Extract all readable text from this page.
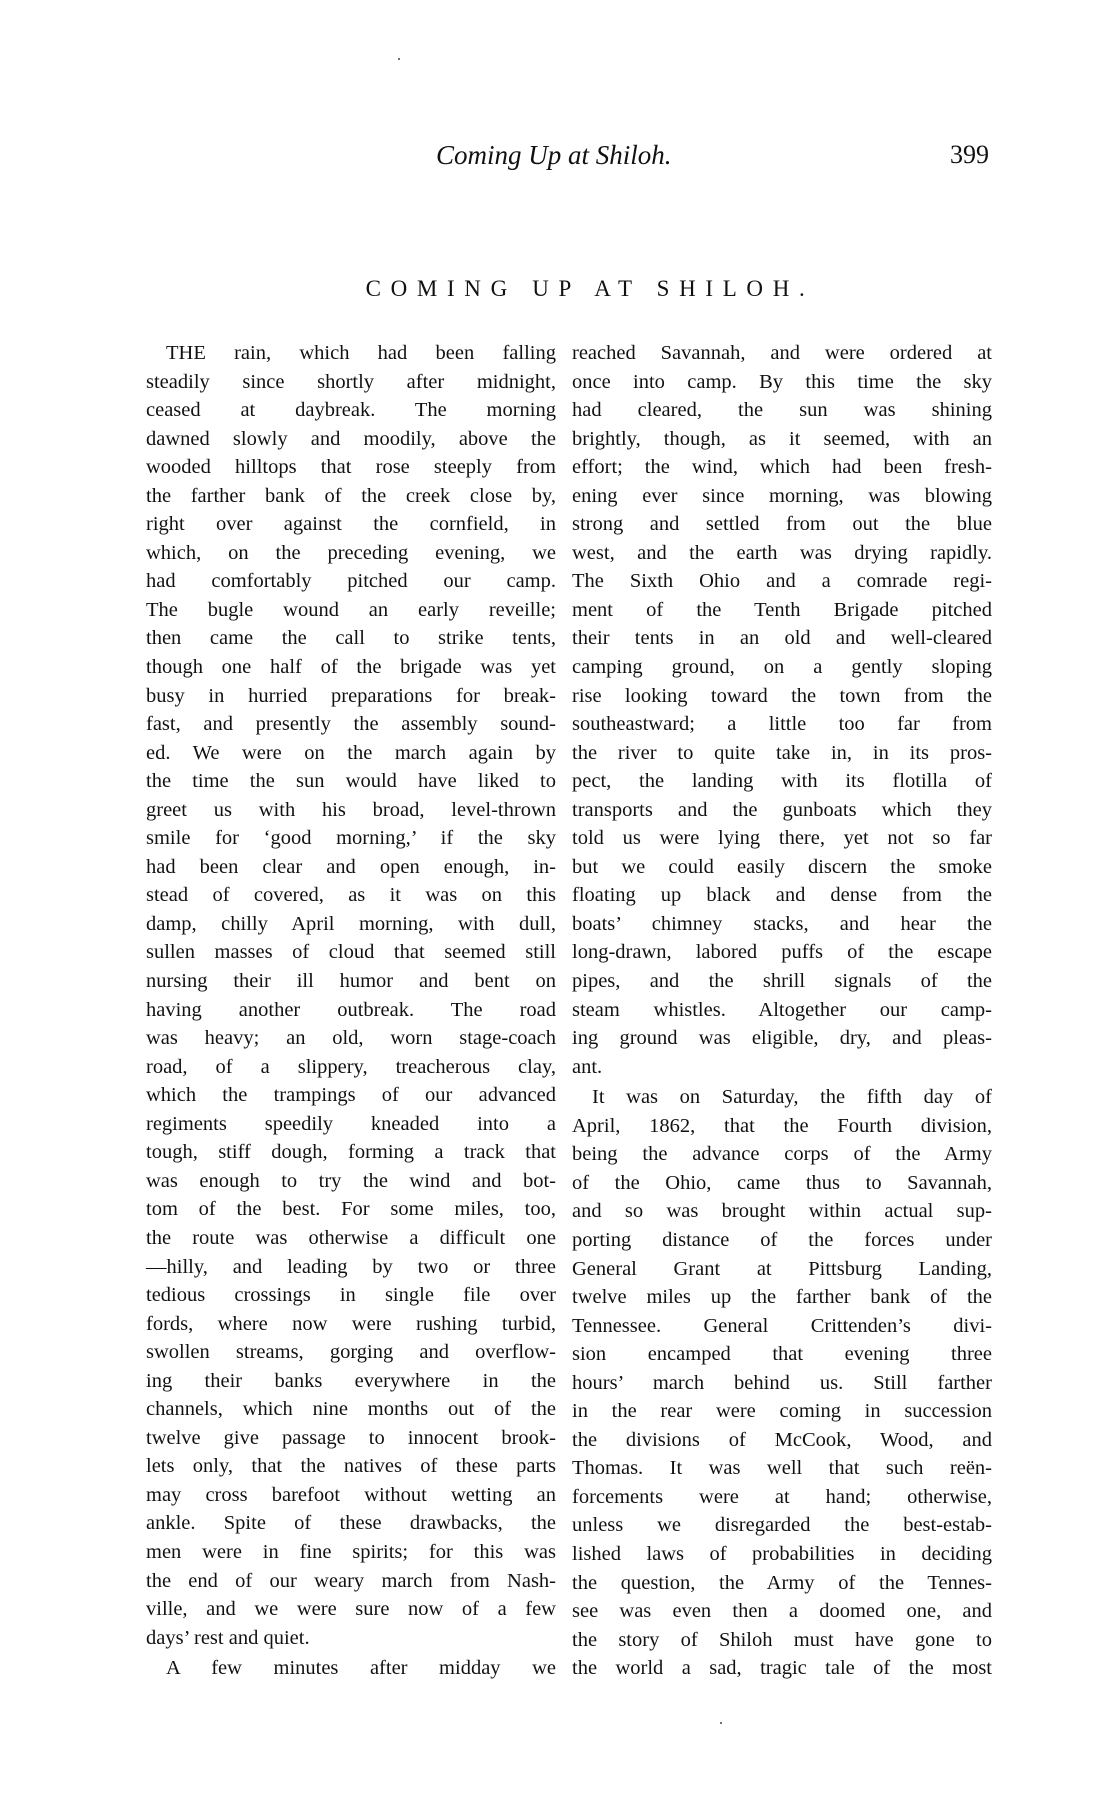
Coming Up at Shiloh.	399
COMING UP AT SHILOH.
THE rain, which had been falling
steadily since shortly after midnight,
ceased at daybreak. The morning
dawned slowly and moodily, above the
wooded hilltops that rose steeply from
the farther bank of the creek close by,
right over against the cornfield, in
which, on the preceding evening, we
had comfortably pitched our camp.
The bugle wound an early reveille;
then came the call to strike tents,
though one half of the brigade was yet
busy in hurried preparations for break-
fast, and presently the assembly sound-
ed. We were on the march again by
the time the sun would have liked to
greet us with his broad, level-thrown
smile for ‘good morning,’ if the sky
had been clear and open enough, in-
stead of covered, as it was on this
damp, chilly April morning, with dull,
sullen masses of cloud that seemed still
nursing their ill humor and bent on
having another outbreak. The road
was heavy; an old, worn stage-coach
road, of a slippery, treacherous clay,
which the trampings of our advanced
regiments speedily kneaded into a
tough, stiff dough, forming a track that
was enough to try the wind and bot-
tom of the best. For some miles, too,
the route was otherwise a difficult one
—hilly, and leading by two or three
tedious crossings in single file over
fords, where now were rushing turbid,
swollen streams, gorging and overflow-
ing their banks everywhere in the
channels, which nine months out of the
twelve give passage to innocent brook-
lets only, that the natives of these parts
may cross barefoot without wetting an
ankle. Spite of these drawbacks, the
men were in fine spirits; for this was
the end of our weary march from Nash-
ville, and we were sure now of a few
days’ rest and quiet.
A few minutes after midday we
reached Savannah, and were ordered at
once into camp. By this time the sky
had cleared, the sun was shining
brightly, though, as it seemed, with an
effort; the wind, which had been fresh-
ening ever since morning, was blowing
strong and settled from out the blue
west, and the earth was drying rapidly.
The Sixth Ohio and a comrade regi-
ment of the Tenth Brigade pitched
their tents in an old and well-cleared
camping ground, on a gently sloping
rise looking toward the town from the
southeastward; a little too far from
the river to quite take in, in its pros-
pect, the landing with its flotilla of
transports and the gunboats which they
told us were lying there, yet not so far
but we could easily discern the smoke
floating up black and dense from the
boats’ chimney stacks, and hear the
long-drawn, labored puffs of the escape
pipes, and the shrill signals of the
steam whistles. Altogether our camp-
ing ground was eligible, dry, and pleas-
ant.
It was on Saturday, the fifth day of
April, 1862, that the Fourth division,
being the advance corps of the Army
of the Ohio, came thus to Savannah,
and so was brought within actual sup-
porting distance of the forces under
General Grant at Pittsburg Landing,
twelve miles up the farther bank of the
Tennessee. General Crittenden’s divi-
sion encamped that evening three
hours’ march behind us. Still farther
in the rear were coming in succession
the divisions of McCook, Wood, and
Thomas. It was well that such reën-
forcements were at hand; otherwise,
unless we disregarded the best-estab-
lished laws of probabilities in deciding
the question, the Army of the Tennes-
see was even then a doomed one, and
the story of Shiloh must have gone to
the world a sad, tragic tale of the most
